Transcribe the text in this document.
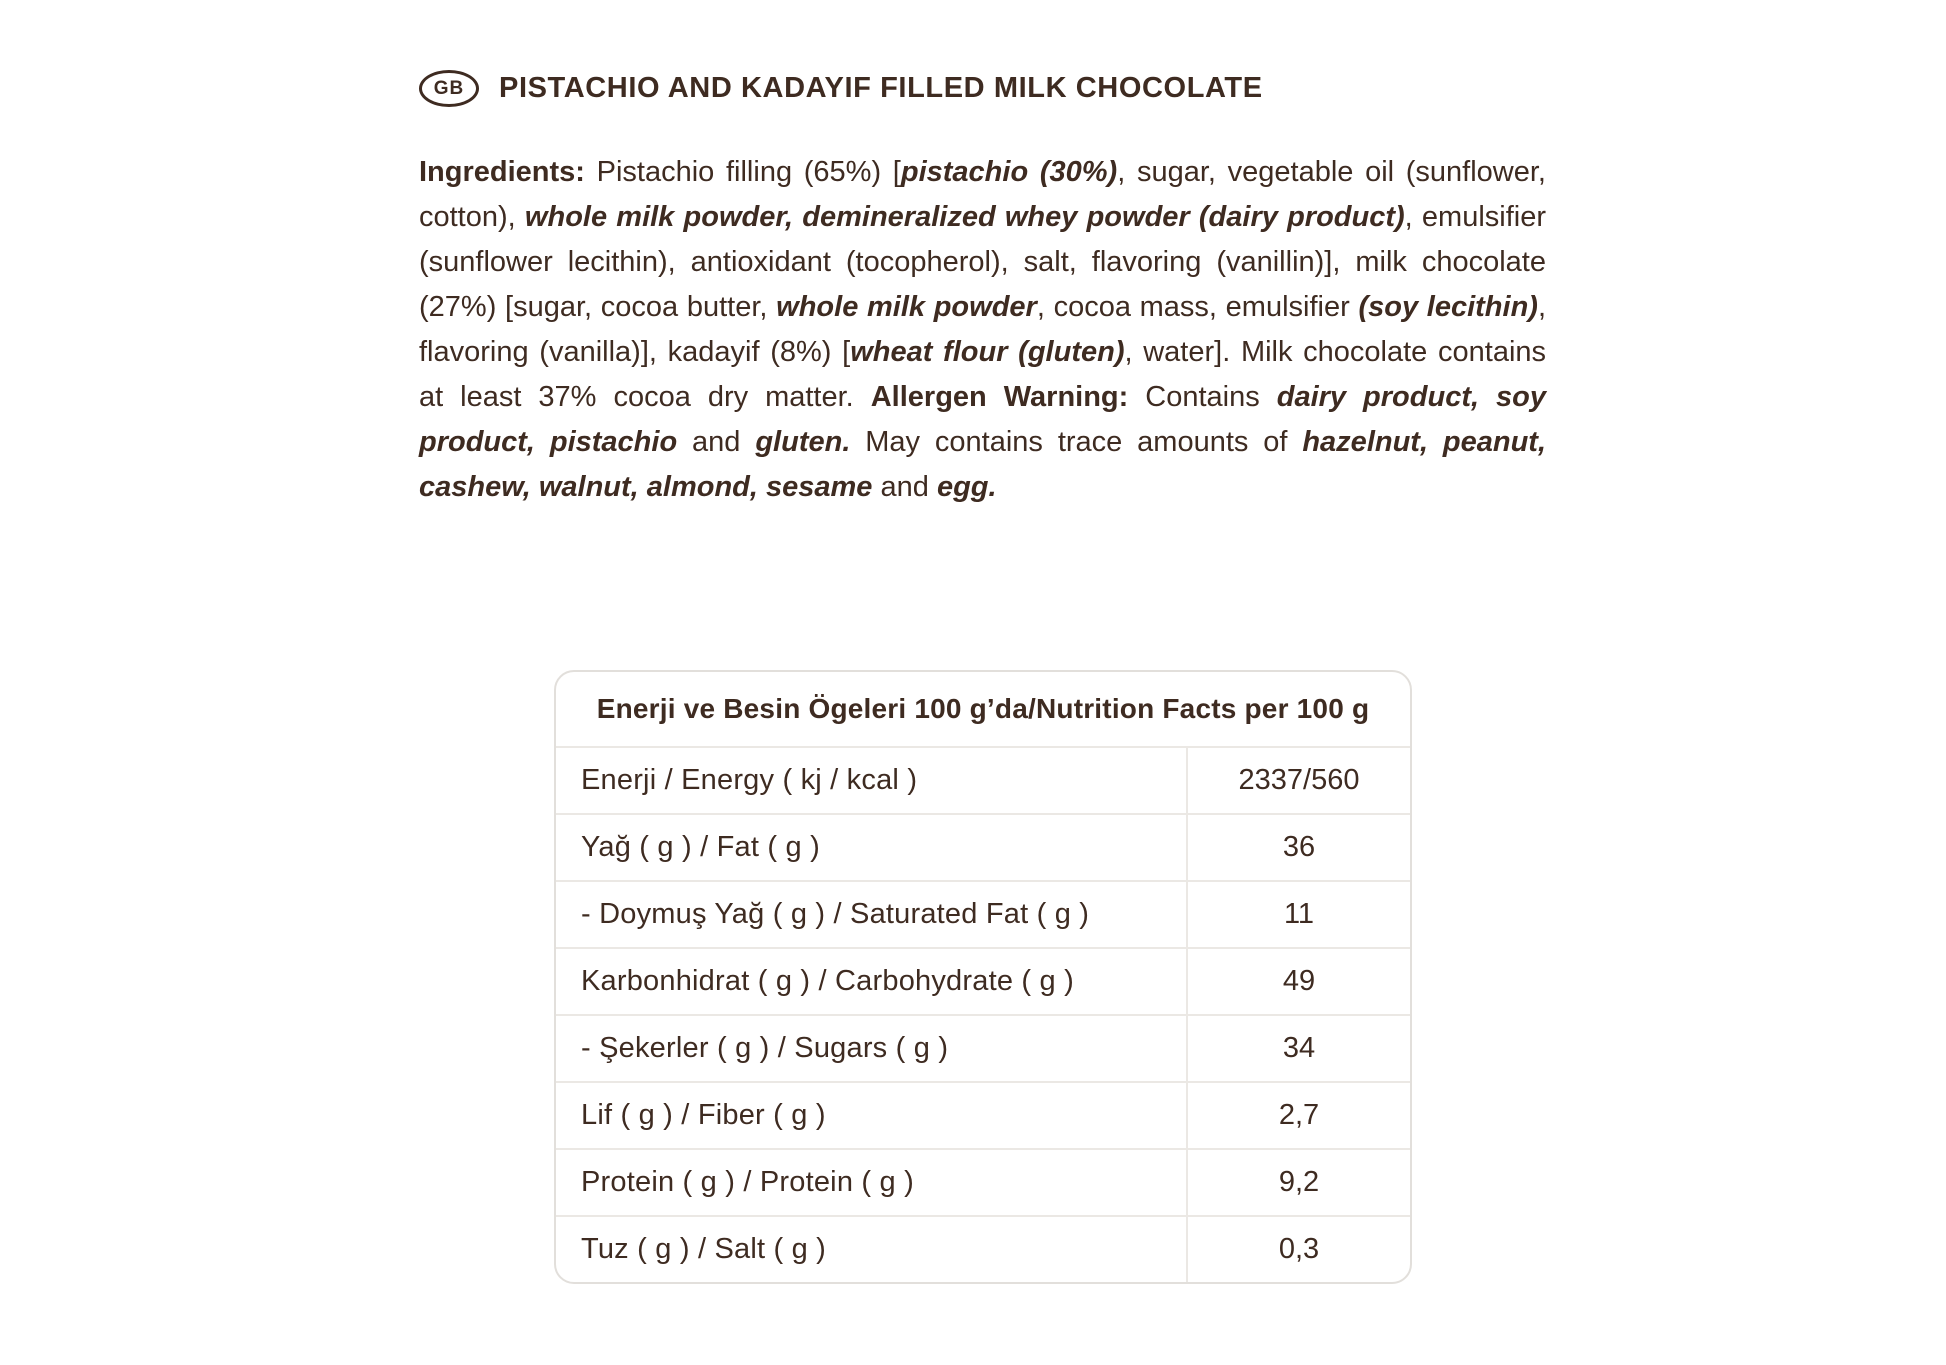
GB	PISTACHIO AND KADAYIF FILLED MILK CHOCOLATE

Ingredients: Pistachio filling (65%) [pistachio (30%), sugar, vegetable oil (sunflower, cotton), whole milk powder, demineralized whey powder (dairy product), emulsifier (sunflower lecithin), antioxidant (tocopherol), salt, flavoring (vanillin)], milk chocolate (27%) [sugar, cocoa butter, whole milk powder, cocoa mass, emulsifier (soy lecithin), flavoring (vanilla)], kadayif (8%) [wheat flour (gluten), water]. Milk chocolate contains at least 37% cocoa dry matter. Allergen Warning: Contains dairy product, soy product, pistachio and gluten. May contains trace amounts of hazelnut, peanut, cashew, walnut, almond, sesame and egg.

Enerji ve Besin Ögeleri 100 g’da/Nutrition Facts per 100 g
Enerji / Energy ( kj / kcal )	2337/560
Yağ ( g ) / Fat ( g )	36
- Doymuş Yağ ( g ) / Saturated Fat ( g )	11
Karbonhidrat ( g ) / Carbohydrate ( g )	49
- Şekerler ( g ) / Sugars ( g )	34
Lif ( g ) / Fiber ( g )	2,7
Protein ( g ) / Protein ( g )	9,2
Tuz ( g ) / Salt ( g )	0,3
